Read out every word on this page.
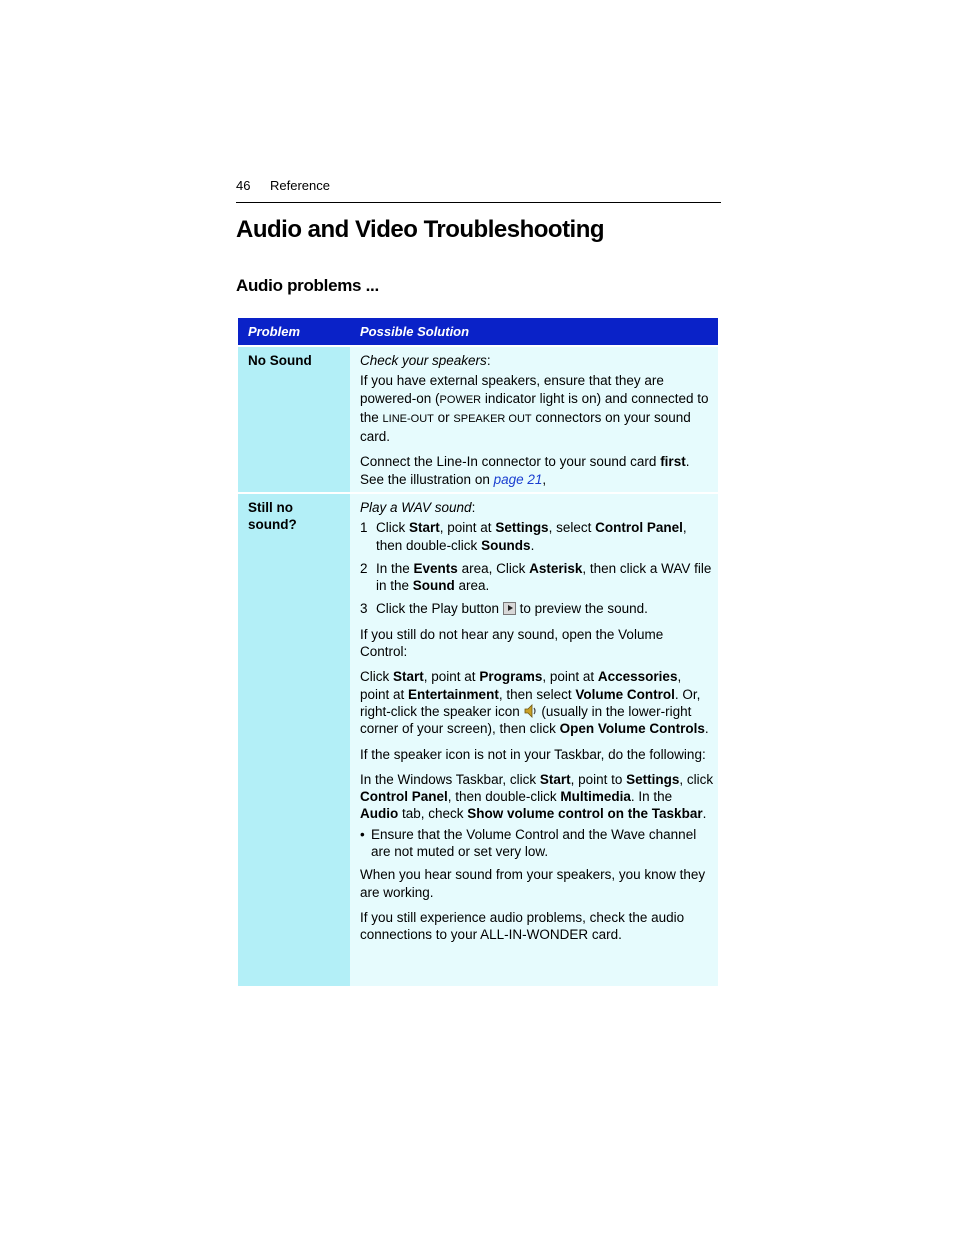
46 Reference
Audio and Video Troubleshooting
Audio problems ...
Problem	Possible Solution
No Sound	Check your speakers:

If you have external speakers, ensure that they are powered-on (POWER indicator light is on) and connected to the LINE-OUT or SPEAKER OUT connectors on your sound card.

Connect the Line-In connector to your sound card first. See the illustration on page 21,

Still no sound?

Play a WAV sound:

1 Click Start, point at Settings, select Control Panel, then double-click Sounds.
2 In the Events area, Click Asterisk, then click a WAV file in the Sound area.
3 Click the Play button  to preview the sound.

If you still do not hear any sound, open the Volume Control:

Click Start, point at Programs, point at Accessories, point at Entertainment, then select Volume Control. Or, right-click the speaker icon  (usually in the lower-right corner of your screen), then click Open Volume Controls.

If the speaker icon is not in your Taskbar, do the following:

In the Windows Taskbar, click Start, point to Settings, click Control Panel, then double-click Multimedia. In the Audio tab, check Show volume control on the Taskbar.

• Ensure that the Volume Control and the Wave channel are not muted or set very low.

When you hear sound from your speakers, you know they are working.

If you still experience audio problems, check the audio connections to your ALL-IN-WONDER card.
